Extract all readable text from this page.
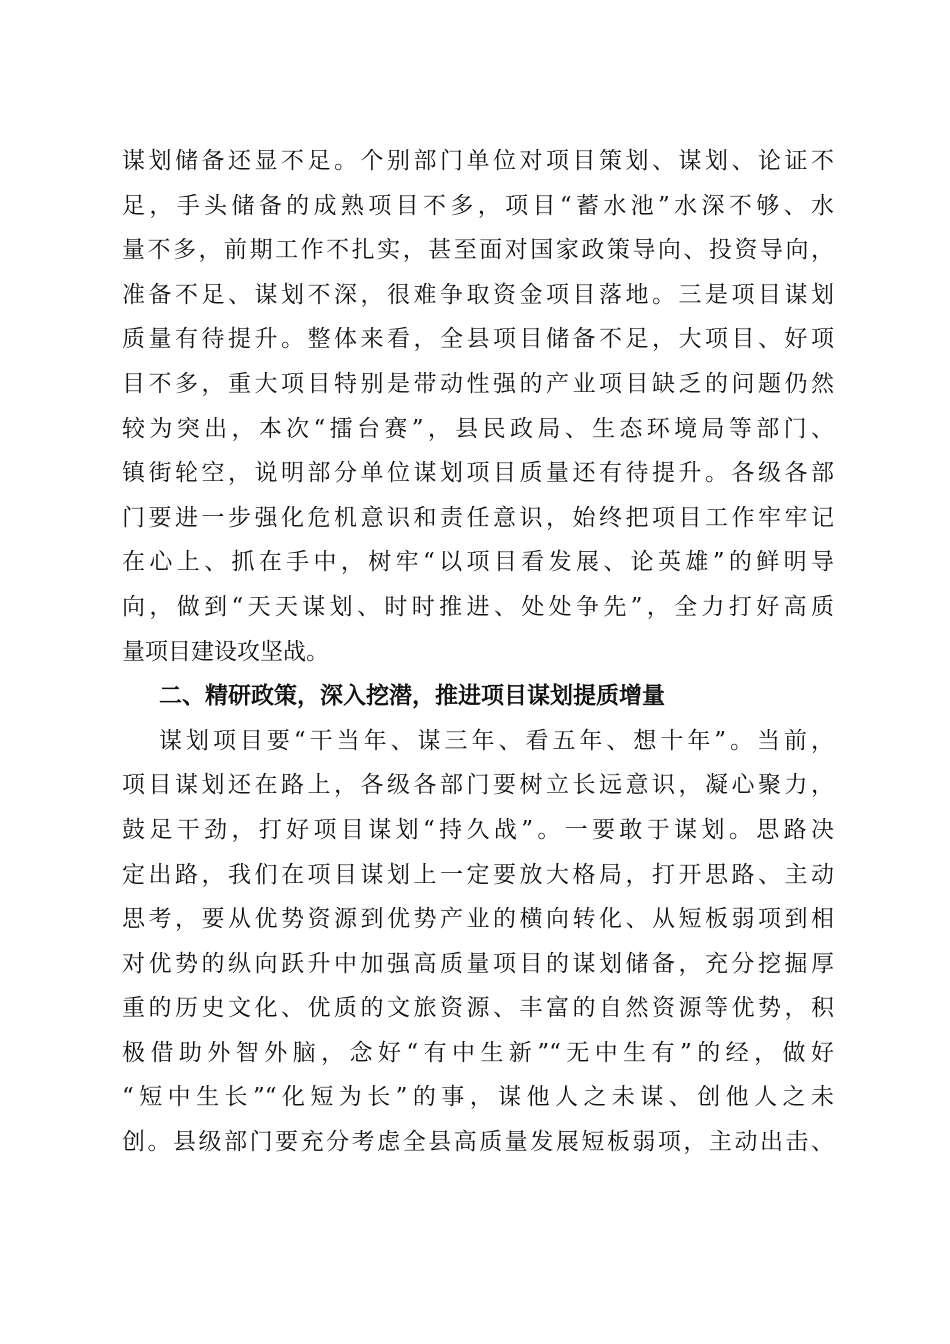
谋划储备还显不足。个别部门单位对项目策划、谋划、论证不
足，手头储备的成熟项目不多，项目“蓄水池”水深不够、水
量不多，前期工作不扎实，甚至面对国家政策导向、投资导向，
准备不足、谋划不深，很难争取资金项目落地。三是项目谋划
质量有待提升。整体来看，全县项目储备不足，大项目、好项
目不多，重大项目特别是带动性强的产业项目缺乏的问题仍然
较为突出，本次“擂台赛”，县民政局、生态环境局等部门、
镇街轮空，说明部分单位谋划项目质量还有待提升。各级各部
门要进一步强化危机意识和责任意识，始终把项目工作牢牢记
在心上、抓在手中，树牢“以项目看发展、论英雄”的鲜明导
向，做到“天天谋划、时时推进、处处争先”，全力打好高质
量项目建设攻坚战。
二、精研政策，深入挖潜，推进项目谋划提质增量
谋划项目要“干当年、谋三年、看五年、想十年”。当前，
项目谋划还在路上，各级各部门要树立长远意识，凝心聚力，
鼓足干劲，打好项目谋划“持久战”。一要敢于谋划。思路决
定出路，我们在项目谋划上一定要放大格局，打开思路、主动
思考，要从优势资源到优势产业的横向转化、从短板弱项到相
对优势的纵向跃升中加强高质量项目的谋划储备，充分挖掘厚
重的历史文化、优质的文旅资源、丰富的自然资源等优势，积
极借助外智外脑，念好“有中生新”“无中生有”的经，做好
“短中生长”“化短为长”的事，谋他人之未谋、创他人之未
创。县级部门要充分考虑全县高质量发展短板弱项，主动出击、
